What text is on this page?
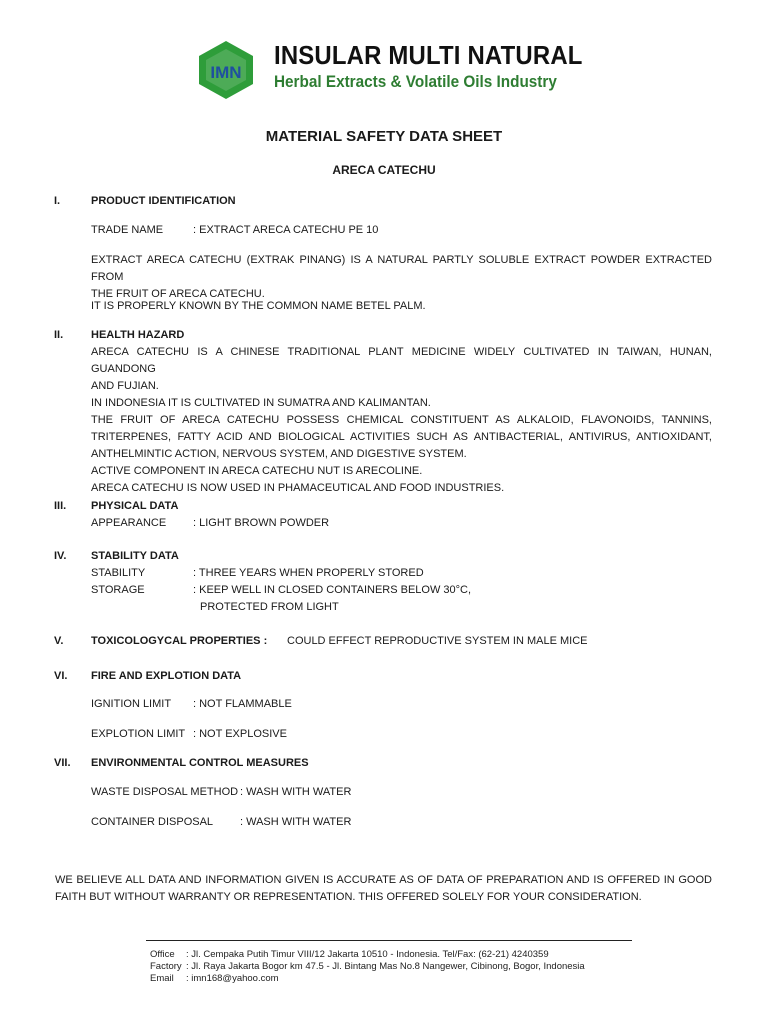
IMN
INSULAR MULTI NATURAL
Herbal Extracts & Volatile Oils Industry
MATERIAL SAFETY DATA SHEET
ARECA CATECHU
I.	PRODUCT IDENTIFICATION
TRADE NAME	: EXTRACT ARECA CATECHU PE 10
EXTRACT ARECA CATECHU (EXTRAK PINANG) IS A NATURAL PARTLY SOLUBLE EXTRACT POWDER EXTRACTED FROM
THE FRUIT OF ARECA CATECHU.
IT IS PROPERLY KNOWN BY THE COMMON NAME BETEL PALM.
II.	HEALTH HAZARD
ARECA CATECHU IS A CHINESE TRADITIONAL PLANT MEDICINE WIDELY CULTIVATED IN TAIWAN, HUNAN, GUANDONG
AND FUJIAN.
IN INDONESIA IT IS CULTIVATED IN SUMATRA AND KALIMANTAN.
THE FRUIT OF ARECA CATECHU POSSESS CHEMICAL CONSTITUENT AS ALKALOID, FLAVONOIDS, TANNINS,
TRITERPENES, FATTY ACID AND BIOLOGICAL ACTIVITIES SUCH AS ANTIBACTERIAL, ANTIVIRUS, ANTIOXIDANT,
ANTHELMINTIC ACTION, NERVOUS SYSTEM, AND DIGESTIVE SYSTEM.
ACTIVE COMPONENT IN ARECA CATECHU NUT IS ARECOLINE.
ARECA CATECHU IS NOW USED IN PHAMACEUTICAL AND FOOD INDUSTRIES.
III. PHYSICAL DATA
APPEARANCE : LIGHT BROWN POWDER
IV. STABILITY DATA
STABILITY	: THREE YEARS WHEN PROPERLY STORED
STORAGE	: KEEP WELL IN CLOSED CONTAINERS BELOW 30°C,
PROTECTED FROM LIGHT
V.	TOXICOLOGYCAL PROPERTIES : COULD EFFECT REPRODUCTIVE SYSTEM IN MALE MICE
VI. FIRE AND EXPLOTION DATA
IGNITION LIMIT : NOT FLAMMABLE
EXPLOTION LIMIT : NOT EXPLOSIVE
VII. ENVIRONMENTAL CONTROL MEASURES
WASTE DISPOSAL METHOD : WASH WITH WATER
CONTAINER DISPOSAL : WASH WITH WATER
WE BELIEVE ALL DATA AND INFORMATION GIVEN IS ACCURATE AS OF DATA OF PREPARATION AND IS OFFERED IN GOOD
FAITH BUT WITHOUT WARRANTY OR REPRESENTATION. THIS OFFERED SOLELY FOR YOUR CONSIDERATION.
Office : Jl. Cempaka Putih Timur VIII/12 Jakarta 10510 - Indonesia. Tel/Fax: (62-21) 4240359
Factory : Jl. Raya Jakarta Bogor km 47.5 - Jl. Bintang Mas No.8 Nangewer, Cibinong, Bogor, Indonesia
Email : imn168@yahoo.com
